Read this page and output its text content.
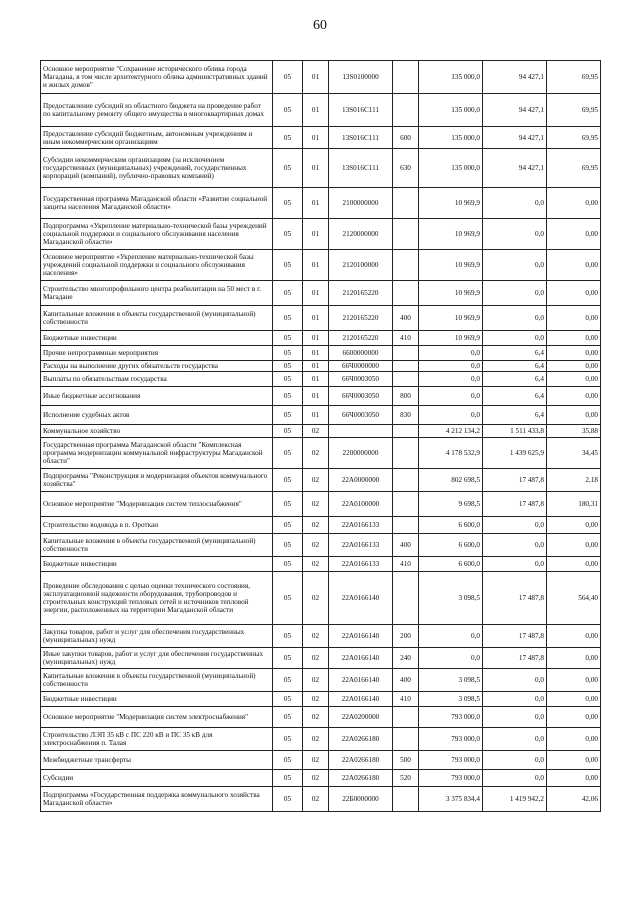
60
Основное мероприятие "Сохранение исторического облика города Магадана, в том числе архитектурного облика административных зданий и жилых домов"	05	01	13S0100000		135 000,0	94 427,1	69,95
Предоставление субсидий из областного бюджета на проведение работ по капитальному ремонту общего имущества в многоквартирных домах	05	01	13S016С111		135 000,0	94 427,1	69,95
Предоставление субсидий бюджетным, автономным учреждениям и иным некоммерческим организациям	05	01	13S016С111	600	135 000,0	94 427,1	69,95
Субсидии некоммерческим организациям (за исключением государственных (муниципальных) учреждений, государственных корпораций (компаний), публично-правовых компаний)	05	01	13S016С111	630	135 000,0	94 427,1	69,95
Государственная программа Магаданской области «Развитие социальной защиты населения Магаданской области»	05	01	2100000000		10 969,9	0,0	0,00
Подпрограмма «Укрепление материально-технической базы учреждений социальной поддержки и социального обслуживания населения Магаданской области»	05	01	2120000000		10 969,9	0,0	0,00
Основное мероприятие «Укрепление материально-технической базы учреждений социальной поддержки и социального обслуживания населения»	05	01	2120100000		10 969,9	0,0	0,00
Строительство многопрофильного центра реабилитации на 50 мест в г. Магадане	05	01	2120165220		10 969,9	0,0	0,00
Капитальные вложения в объекты государственной (муниципальной) собственности	05	01	2120165220	400	10 969,9	0,0	0,00
Бюджетные инвестиции	05	01	2120165220	410	10 969,9	0,0	0,00
Прочие непрограммные мероприятия	05	01	6600000000		0,0	6,4	0,00
Расходы на выполнение других обязательств государства	05	01	66Ч0000000		0,0	6,4	0,00
Выплаты по обязательствам государства	05	01	66Ч0003050		0,0	6,4	0,00
Иные бюджетные ассигнования	05	01	66Ч0003050	800	0,0	6,4	0,00
Исполнение судебных актов	05	01	66Ч0003050	830	0,0	6,4	0,00
Коммунальное хозяйство	05	02			4 212 134,2	1 511 433,8	35,88
Государственная программа Магаданской области "Комплексная программа модернизации коммунальной инфраструктуры Магаданской области"	05	02	2200000000		4 178 532,9	1 439 625,9	34,45
Подпрограмма "Реконструкция и модернизация объектов коммунального хозяйства"	05	02	22А0000000		802 698,5	17 487,8	2,18
Основное мероприятие "Модернизация систем теплоснабжения"	05	02	22А0100000		9 698,5	17 487,8	180,31
Строительство водовода в п. Ороткан	05	02	22А0166133		6 600,0	0,0	0,00
Капитальные вложения в объекты государственной (муниципальной) собственности	05	02	22А0166133	400	6 600,0	0,0	0,00
Бюджетные инвестиции	05	02	22А0166133	410	6 600,0	0,0	0,00
Проведение обследования с целью оценки технического состояния, эксплуатационной надежности оборудования, трубопроводов и строительных конструкций тепловых сетей и источников тепловой энергии, расположенных на территории Магаданской области	05	02	22А0166140		3 098,5	17 487,8	564,40
Закупка товаров, работ и услуг для обеспечения государственных (муниципальных) нужд	05	02	22А0166140	200	0,0	17 487,8	0,00
Иные закупки товаров, работ и услуг для обеспечения государственных (муниципальных) нужд	05	02	22А0166140	240	0,0	17 487,8	0,00
Капитальные вложения в объекты государственной (муниципальной) собственности	05	02	22А0166140	400	3 098,5	0,0	0,00
Бюджетные инвестиции	05	02	22А0166140	410	3 098,5	0,0	0,00
Основное мероприятие "Модернизация систем электроснабжения"	05	02	22А0200000		793 000,0	0,0	0,00
Строительство ЛЭП 35 кВ с ПС 220 кВ и ПС 35 кВ для электроснабжения п. Талая	05	02	22А0266180		793 000,0	0,0	0,00
Межбюджетные трансферты	05	02	22А0266180	500	793 000,0	0,0	0,00
Субсидии	05	02	22А0266180	520	793 000,0	0,0	0,00
Подпрограмма «Государственная поддержка коммунального хозяйства Магаданской области»	05	02	22Б0000000		3 375 834,4	1 419 942,2	42,06
